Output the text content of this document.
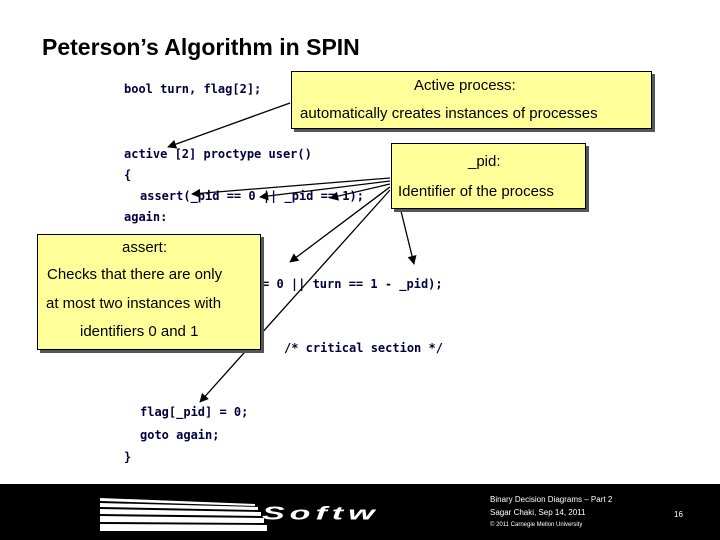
Peterson’s Algorithm in SPIN
bool turn, flag[2];
active [2] proctype user()
{
assert(_pid == 0 || _pid == 1);
again:
= 0 || turn == 1 - _pid);
/* critical section */
flag[_pid] = 0;
goto again;
}
Active process:
automatically creates instances of processes
_pid:
Identifier of the process
assert:
Checks that there are only
at most two instances with
identifiers 0 and 1
Softw
Binary Decision Diagrams – Part 2
Sagar Chaki, Sep 14, 2011
© 2011 Carnegie Mellon University
16
